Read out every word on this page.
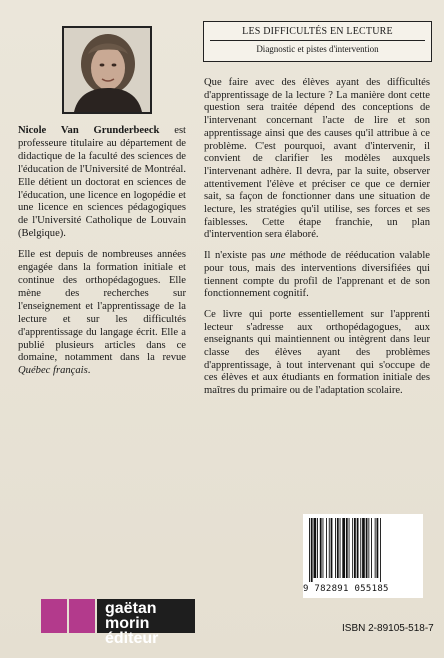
LES DIFFICULTÉS EN LECTURE
Diagnostic et pistes d'intervention

Nicole Van Grunderbeeck est professeure titulaire au département de didactique de la faculté des sciences de l'éducation de l'Université de Montréal. Elle détient un doctorat en sciences de l'éducation, une licence en logopédie et une licence en sciences pédagogiques de l'Université Catholique de Louvain (Belgique).

Elle est depuis de nombreuses années engagée dans la formation initiale et continue des orthopédagogues. Elle mène des recherches sur l'enseignement et l'apprentissage de la lecture et sur les difficultés d'apprentissage du langage écrit. Elle a publié plusieurs articles dans ce domaine, notamment dans la revue Québec français.

Que faire avec des élèves ayant des difficultés d'apprentissage de la lecture ? La manière dont cette question sera traitée dépend des conceptions de l'intervenant concernant l'acte de lire et son apprentissage ainsi que des causes qu'il attribue à ce problème. C'est pourquoi, avant d'intervenir, il convient de clarifier les modèles auxquels l'intervenant adhère. Il devra, par la suite, observer attentivement l'élève et préciser ce que ce dernier sait, sa façon de fonctionner dans une situation de lecture, les stratégies qu'il utilise, ses forces et ses faiblesses. Cette étape franchie, un plan d'intervention sera élaboré.

Il n'existe pas une méthode de rééducation valable pour tous, mais des interventions diversifiées qui tiennent compte du profil de l'apprenant et de son fonctionnement cognitif.

Ce livre qui porte essentiellement sur l'apprenti lecteur s'adresse aux orthopédagogues, aux enseignants qui maintiennent ou intègrent dans leur classe des élèves ayant des problèmes d'apprentissage, à tout intervenant qui s'occupe de ces élèves et aux étudiants en formation initiale des maîtres du primaire ou de l'adaptation scolaire.

9 782891 055185
gaëtan morin
éditeur
ISBN 2-89105-518-7
